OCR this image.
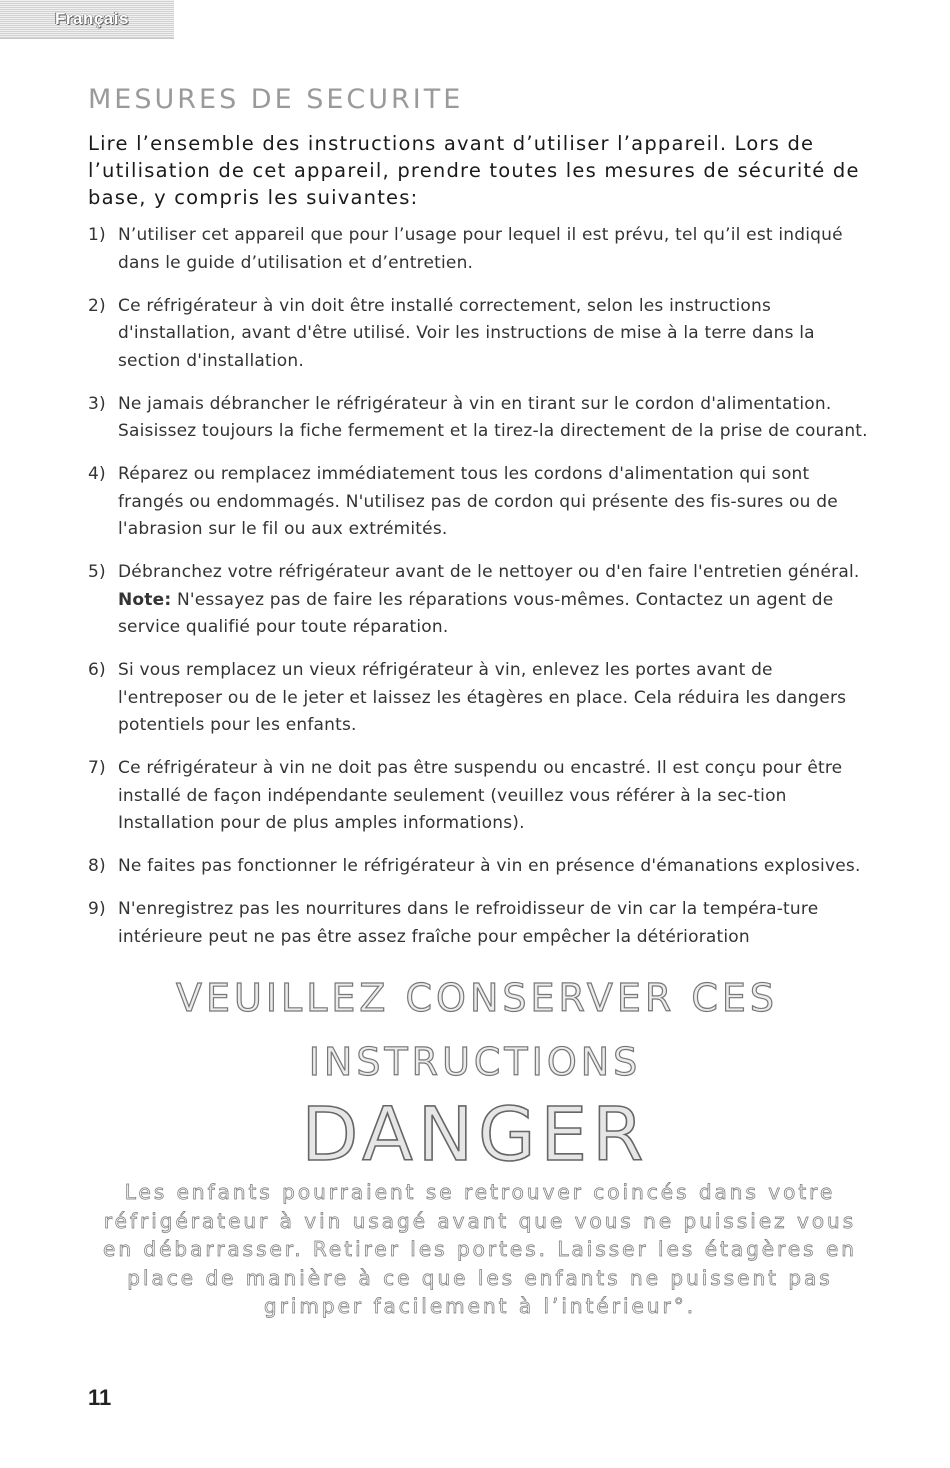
Français
MESURES DE SECURITE

Lire l’ensemble des instructions avant d’utiliser l’appareil. Lors de l’utilisation de cet appareil, prendre toutes les mesures de sécurité de base, y compris les suivantes:

1) N’utiliser cet appareil que pour l’usage pour lequel il est prévu, tel qu’il est indiqué dans le guide d’utilisation et d’entretien.
2) Ce réfrigérateur à vin doit être installé correctement, selon les instructions d'installation, avant d'être utilisé. Voir les instructions de mise à la terre dans la section d'installation.
3) Ne jamais débrancher le réfrigérateur à vin en tirant sur le cordon d'alimentation. Saisissez toujours la fiche fermement et la tirez-la directement de la prise de courant.
4) Réparez ou remplacez immédiatement tous les cordons d'alimentation qui sont frangés ou endommagés. N'utilisez pas de cordon qui présente des fis-sures ou de l'abrasion sur le fil ou aux extrémités.
5) Débranchez votre réfrigérateur avant de le nettoyer ou d'en faire l'entretien général. Note: N'essayez pas de faire les réparations vous-mêmes. Contactez un agent de service qualifié pour toute réparation.
6) Si vous remplacez un vieux réfrigérateur à vin, enlevez les portes avant de l'entreposer ou de le jeter et laissez les étagères en place. Cela réduira les dangers potentiels pour les enfants.
7) Ce réfrigérateur à vin ne doit pas être suspendu ou encastré. Il est conçu pour être installé de façon indépendante seulement (veuillez vous référer à la sec-tion Installation pour de plus amples informations).
8) Ne faites pas fonctionner le réfrigérateur à vin en présence d'émanations explosives.
9) N'enregistrez pas les nourritures dans le refroidisseur de vin car la tempéra-ture intérieure peut ne pas être assez fraîche pour empêcher la détérioration
VEUILLEZ CONSERVER CES
INSTRUCTIONS
DANGER

Les enfants pourraient se retrouver coincés dans votre réfrigérateur à vin usagé avant que vous ne puissiez vous en débarrasser. Retirer les portes. Laisser les étagères en place de manière à ce que les enfants ne puissent pas grimper facilement à l’intérieur°.

11
